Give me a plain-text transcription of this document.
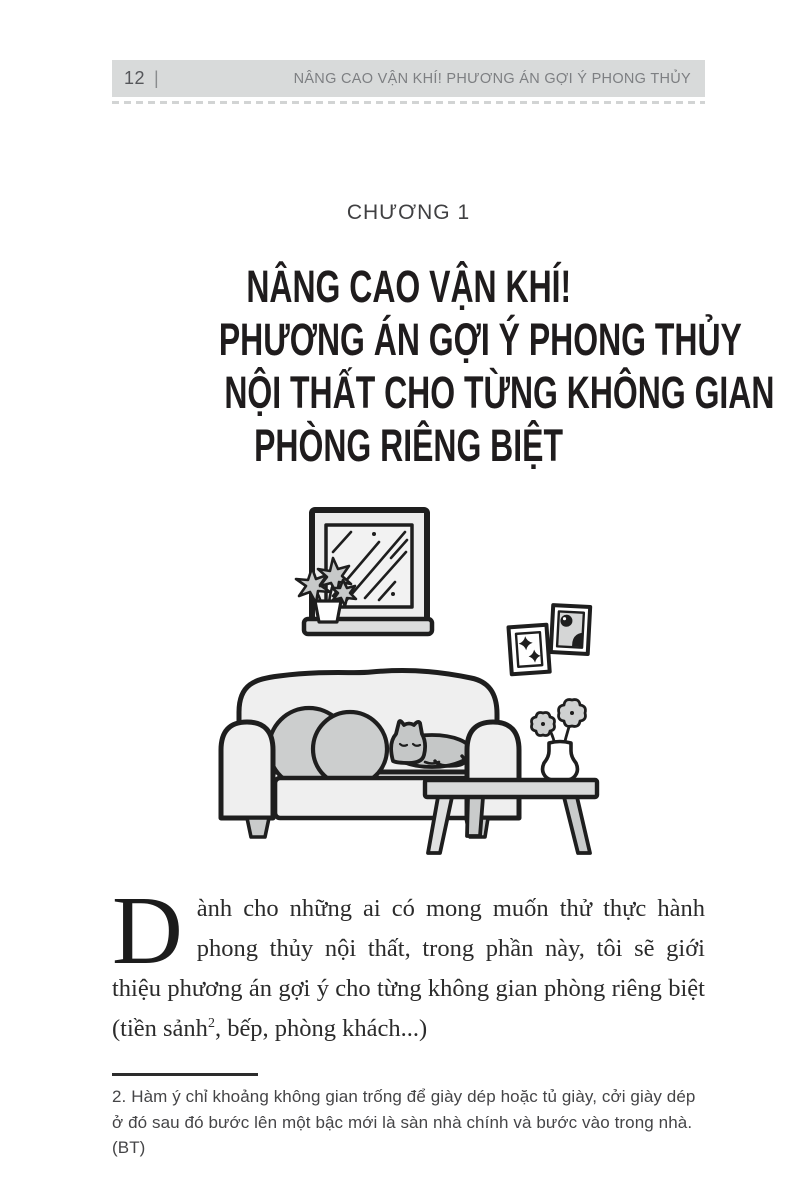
12 |	NÂNG CAO VẬN KHÍ! PHƯƠNG ÁN GỢI Ý PHONG THỦY
CHƯƠNG 1
NÂNG CAO VẬN KHÍ!
PHƯƠNG ÁN GỢI Ý PHONG THỦY
NỘI THẤT CHO TỪNG KHÔNG GIAN
PHÒNG RIÊNG BIỆT

Dành cho những ai có mong muốn thử thực hành phong thủy nội thất, trong phần này, tôi sẽ giới thiệu phương án gợi ý cho từng không gian phòng riêng biệt (tiền sảnh$^2$, bếp, phòng khách...)

2. Hàm ý chỉ khoảng không gian trống để giày dép hoặc tủ giày, cởi giày dép ở đó sau đó bước lên một bậc mới là sàn nhà chính và bước vào trong nhà. (BT)
